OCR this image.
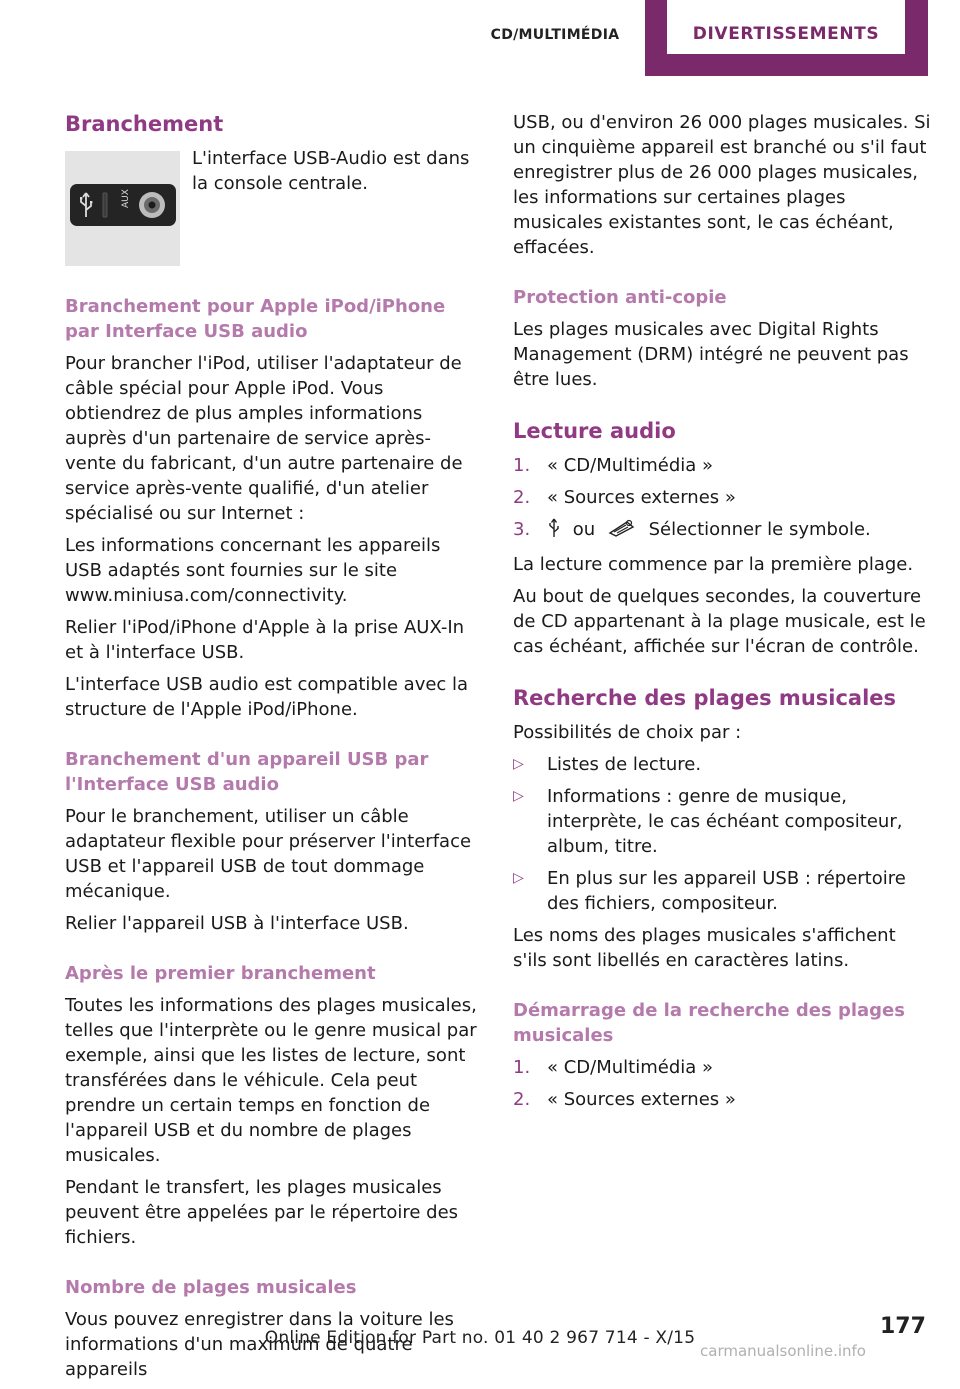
CD/MULTIMÉDIA	DIVERTISSEMENTS
Branchement
AUX
L'interface USB-Audio est dans la console centrale.
Branchement pour Apple iPod/iPhone par Interface USB audio

Pour brancher l'iPod, utiliser l'adaptateur de câble spécial pour Apple iPod. Vous obtiendrez de plus amples informations auprès d'un partenaire de service après-vente du fabricant, d'un autre partenaire de service après-vente qualifié, d'un atelier spécialisé ou sur Internet :

Les informations concernant les appareils USB adaptés sont fournies sur le site www.miniusa.com/connectivity.

Relier l'iPod/iPhone d'Apple à la prise AUX-In et à l'interface USB.

L'interface USB audio est compatible avec la structure de l'Apple iPod/iPhone.

Branchement d'un appareil USB par l'Interface USB audio

Pour le branchement, utiliser un câble adaptateur flexible pour préserver l'interface USB et l'appareil USB de tout dommage mécanique.

Relier l'appareil USB à l'interface USB.

Après le premier branchement

Toutes les informations des plages musicales, telles que l'interprète ou le genre musical par exemple, ainsi que les listes de lecture, sont transférées dans le véhicule. Cela peut prendre un certain temps en fonction de l'appareil USB et du nombre de plages musicales.

Pendant le transfert, les plages musicales peuvent être appelées par le répertoire des fichiers.

Nombre de plages musicales

Vous pouvez enregistrer dans la voiture les informations d'un maximum de quatre appareils

USB, ou d'environ 26 000 plages musicales. Si un cinquième appareil est branché ou s'il faut enregistrer plus de 26 000 plages musicales, les informations sur certaines plages musicales existantes sont, le cas échéant, effacées.

Protection anti-copie

Les plages musicales avec Digital Rights Management (DRM) intégré ne peuvent pas être lues.

Lecture audio
1. « CD/Multimédia »
2. « Sources externes »
3. ou	Sélectionner le symbole.

La lecture commence par la première plage.

Au bout de quelques secondes, la couverture de CD appartenant à la plage musicale, est le cas échéant, affichée sur l'écran de contrôle.

Recherche des plages musicales

Possibilités de choix par :

▷ Listes de lecture.
▷ Informations : genre de musique, interprète, le cas échéant compositeur, album, titre.
▷ En plus sur les appareil USB : répertoire des fichiers, compositeur.

Les noms des plages musicales s'affichent s'ils sont libellés en caractères latins.

Démarrage de la recherche des plages musicales
1. « CD/Multimédia »
2. « Sources externes »
177
Online Edition for Part no. 01 40 2 967 714 - X/15
carmanualsonline.info
